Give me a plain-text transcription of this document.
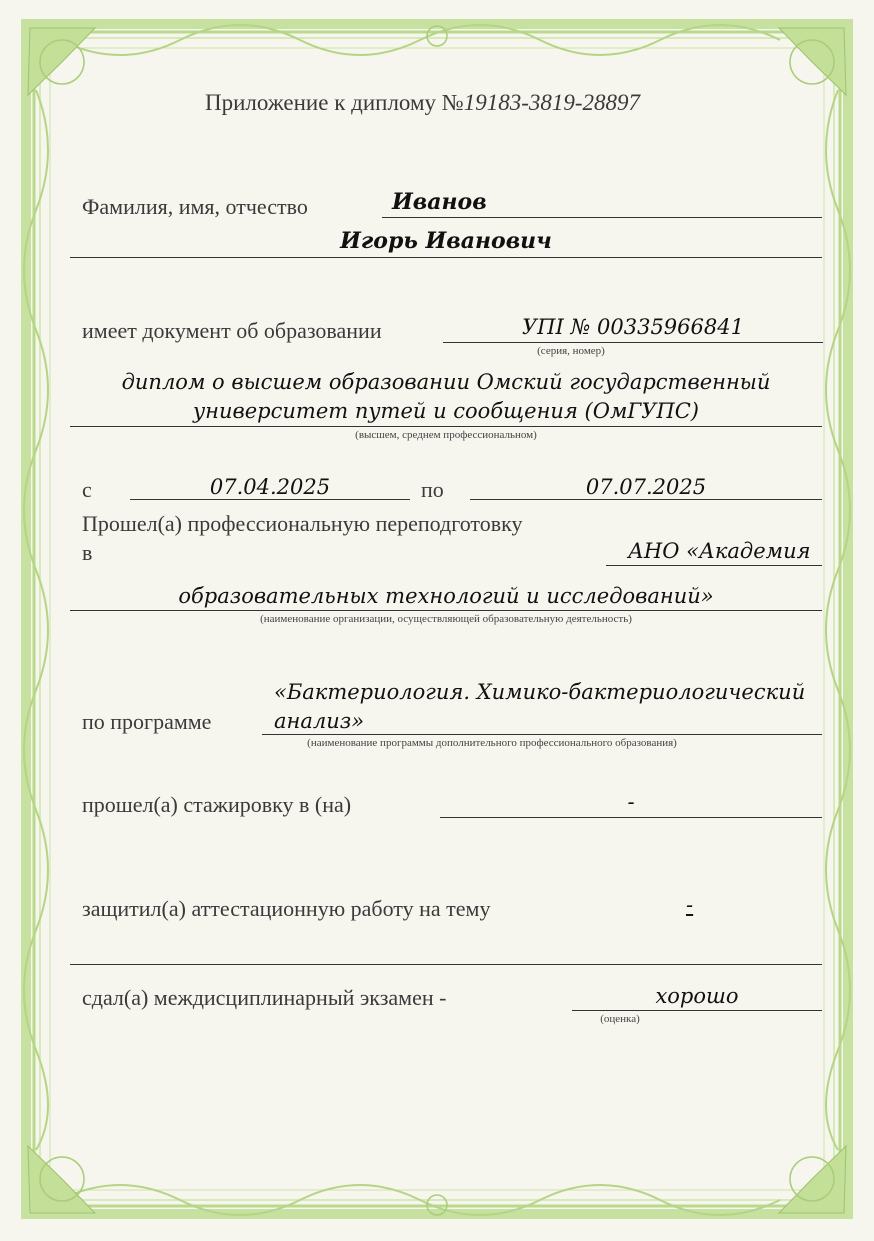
Приложение к диплому №19183-3819-28897
Фамилия, имя, отчество	Иванов
Игорь Иванович
имеет документ об образовании	УПI № 00335966841
(серия, номер)
диплом о высшем образовании Омский государственный
университет путей и сообщения (ОмГУПС)
(высшем, среднем профессиональном)
с	07.04.2025	по	07.07.2025
Прошел(а) профессиональную переподготовку
в	АНО «Академия
образовательных технологий и исследований»
(наименование организации, осуществляющей образовательную деятельность)
«Бактериология. Химико-бактериологический
по программе	анализ»
(наименование программы дополнительного профессионального образования)
прошел(а) стажировку в (на)	-
защитил(а) аттестационную работу на тему	-
сдал(а) междисциплинарный экзамен -	хорошо
(оценка)
